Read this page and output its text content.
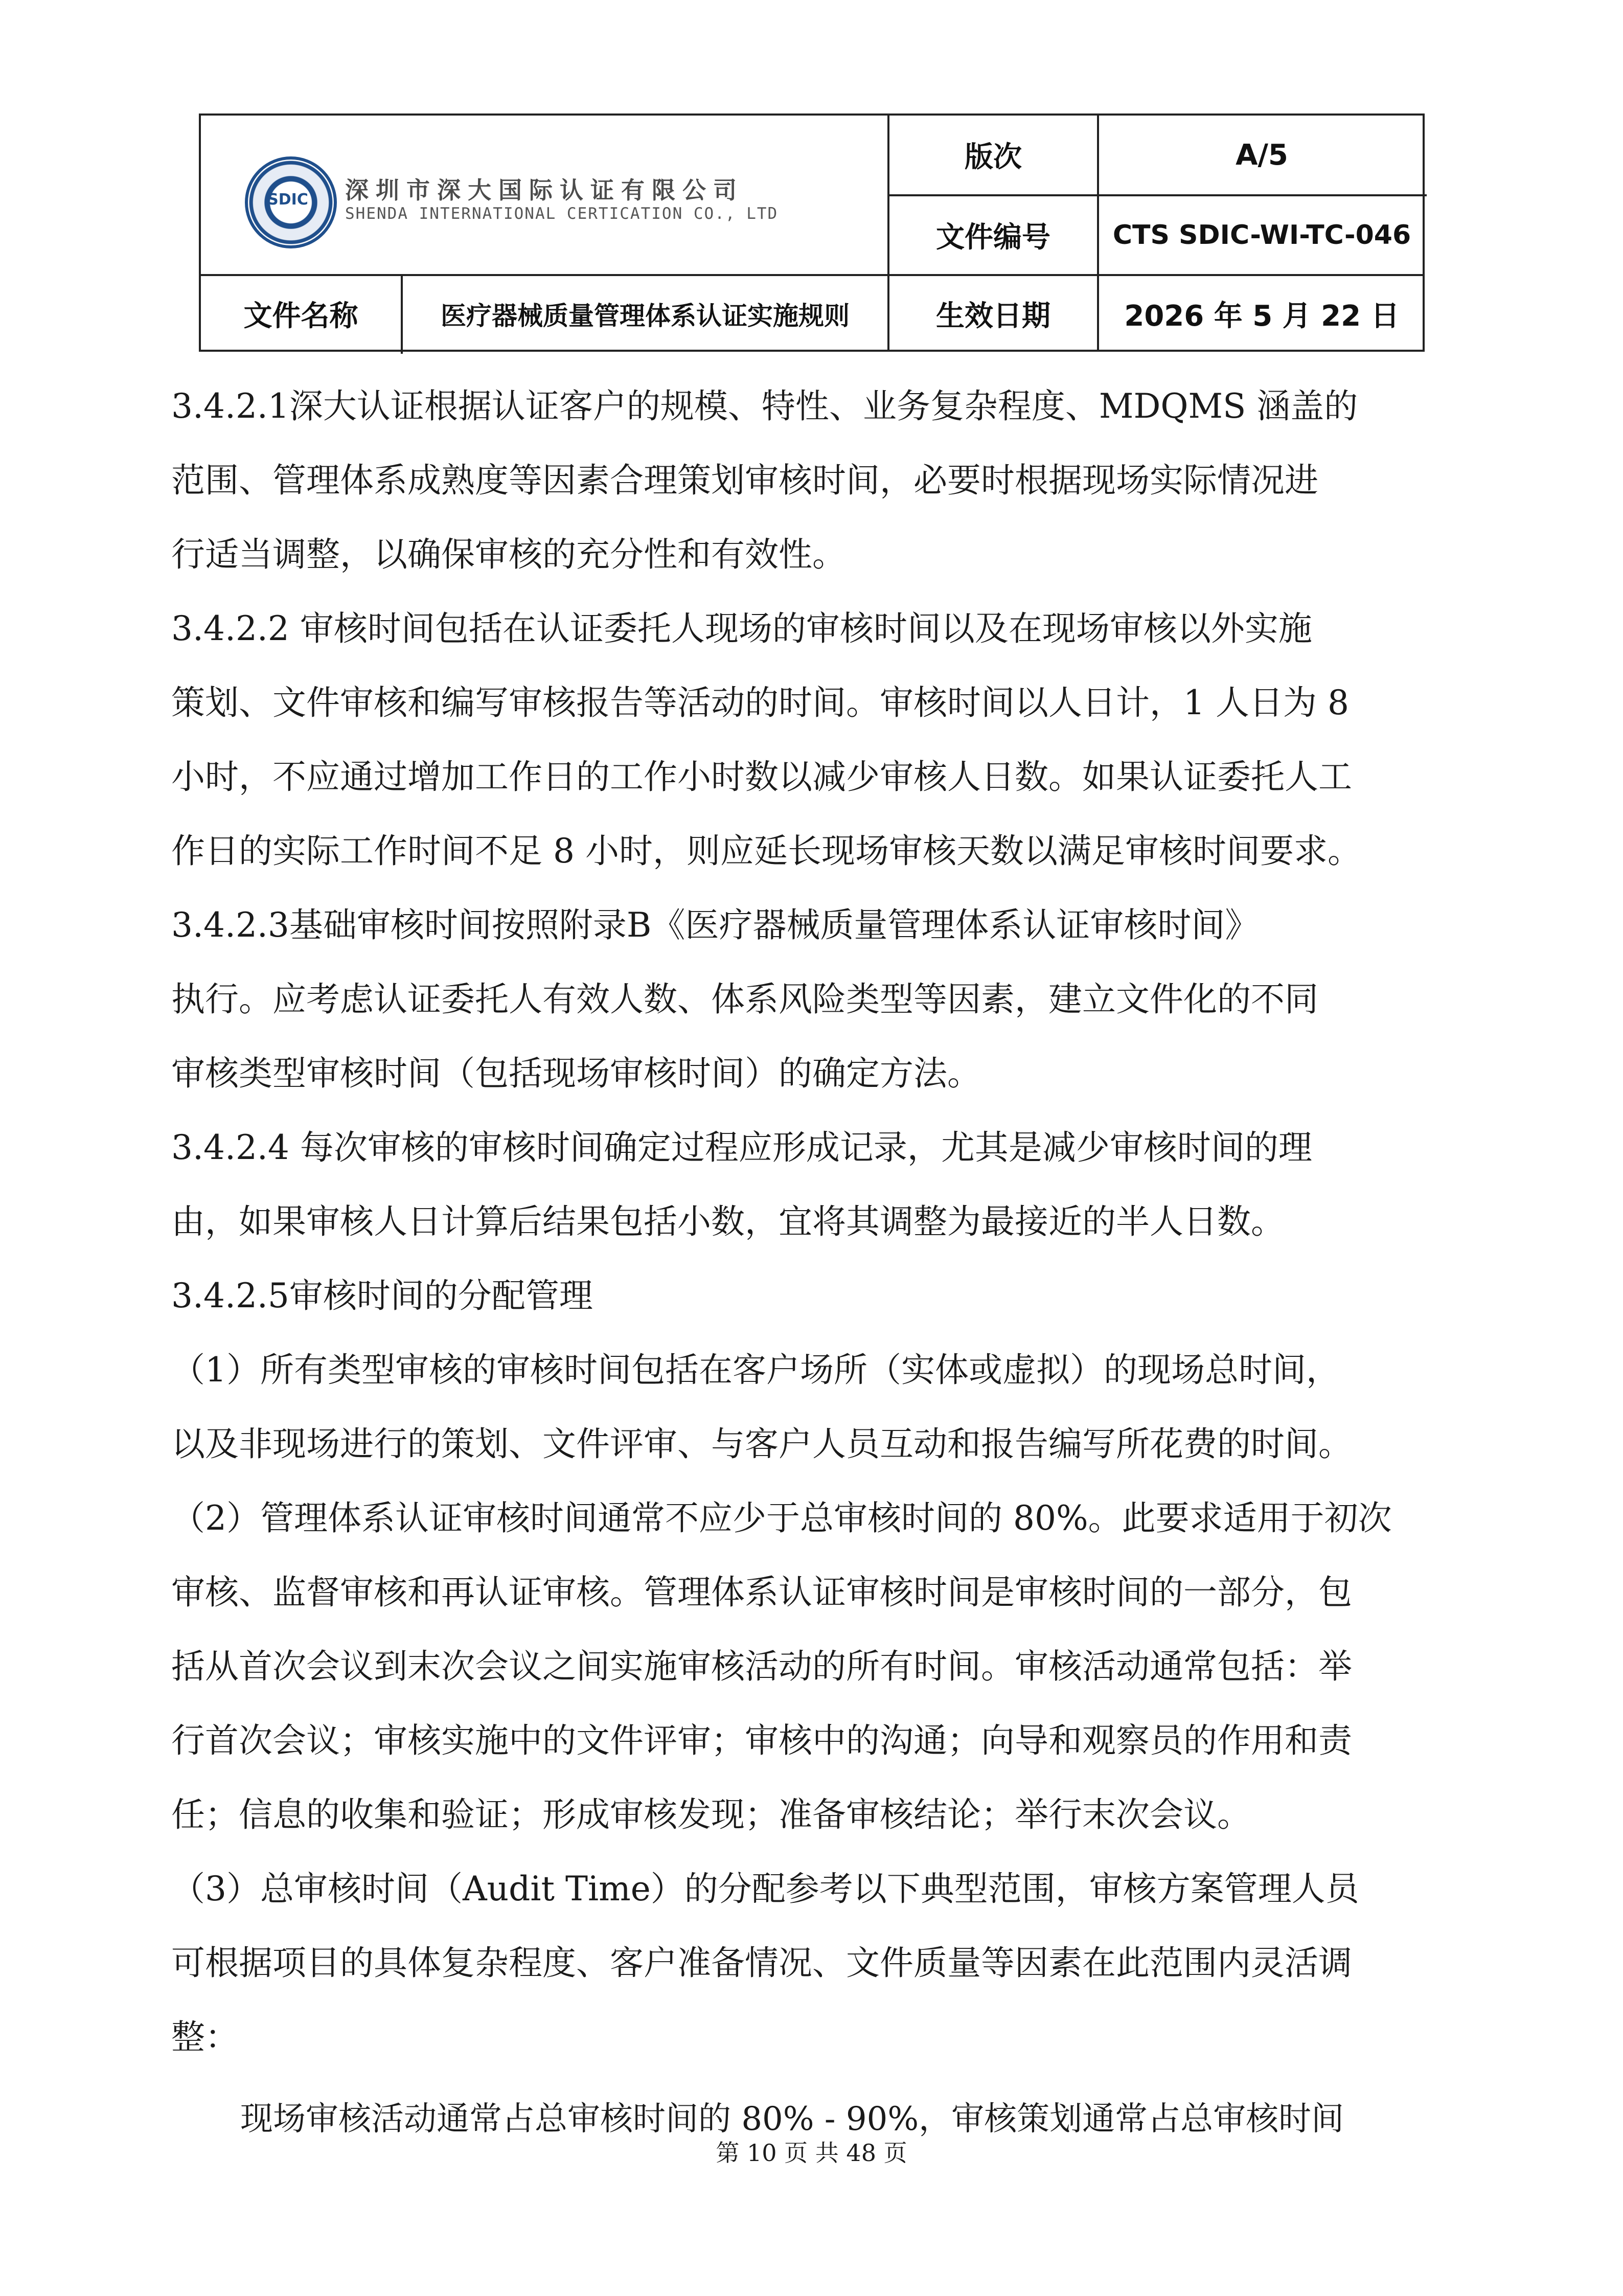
SDIC	深圳市深大国际认证有限公司
SHENDA INTERNATIONAL CERTICATION CO., LTD
版次	A/5
文件编号	CTS SDIC-WI-TC-046
文件名称	医疗器械质量管理体系认证实施规则	生效日期	2026 年 5 月 22 日
3.4.2.1深大认证根据认证客户的规模、特性、业务复杂程度、MDQMS 涵盖的
范围、管理体系成熟度等因素合理策划审核时间，必要时根据现场实际情况进
行适当调整，以确保审核的充分性和有效性。
3.4.2.2 审核时间包括在认证委托人现场的审核时间以及在现场审核以外实施
策划、文件审核和编写审核报告等活动的时间。审核时间以人日计，1 人日为 8
小时，不应通过增加工作日的工作小时数以减少审核人日数。如果认证委托人工
作日的实际工作时间不足 8 小时，则应延长现场审核天数以满足审核时间要求。
3.4.2.3基础审核时间按照附录B《医疗器械质量管理体系认证审核时间》
执行。应考虑认证委托人有效人数、体系风险类型等因素，建立文件化的不同
审核类型审核时间（包括现场审核时间）的确定方法。
3.4.2.4 每次审核的审核时间确定过程应形成记录，尤其是减少审核时间的理
由，如果审核人日计算后结果包括小数，宜将其调整为最接近的半人日数。
3.4.2.5审核时间的分配管理
（1）所有类型审核的审核时间包括在客户场所（实体或虚拟）的现场总时间，
以及非现场进行的策划、文件评审、与客户人员互动和报告编写所花费的时间。
（2）管理体系认证审核时间通常不应少于总审核时间的 80%。此要求适用于初次
审核、监督审核和再认证审核。管理体系认证审核时间是审核时间的一部分，包
括从首次会议到末次会议之间实施审核活动的所有时间。审核活动通常包括：举
行首次会议；审核实施中的文件评审；审核中的沟通；向导和观察员的作用和责
任；信息的收集和验证；形成审核发现；准备审核结论；举行末次会议。
（3）总审核时间（Audit Time）的分配参考以下典型范围，审核方案管理人员
可根据项目的具体复杂程度、客户准备情况、文件质量等因素在此范围内灵活调
整：
现场审核活动通常占总审核时间的 80% - 90%，审核策划通常占总审核时间
第 10 页 共 48 页
